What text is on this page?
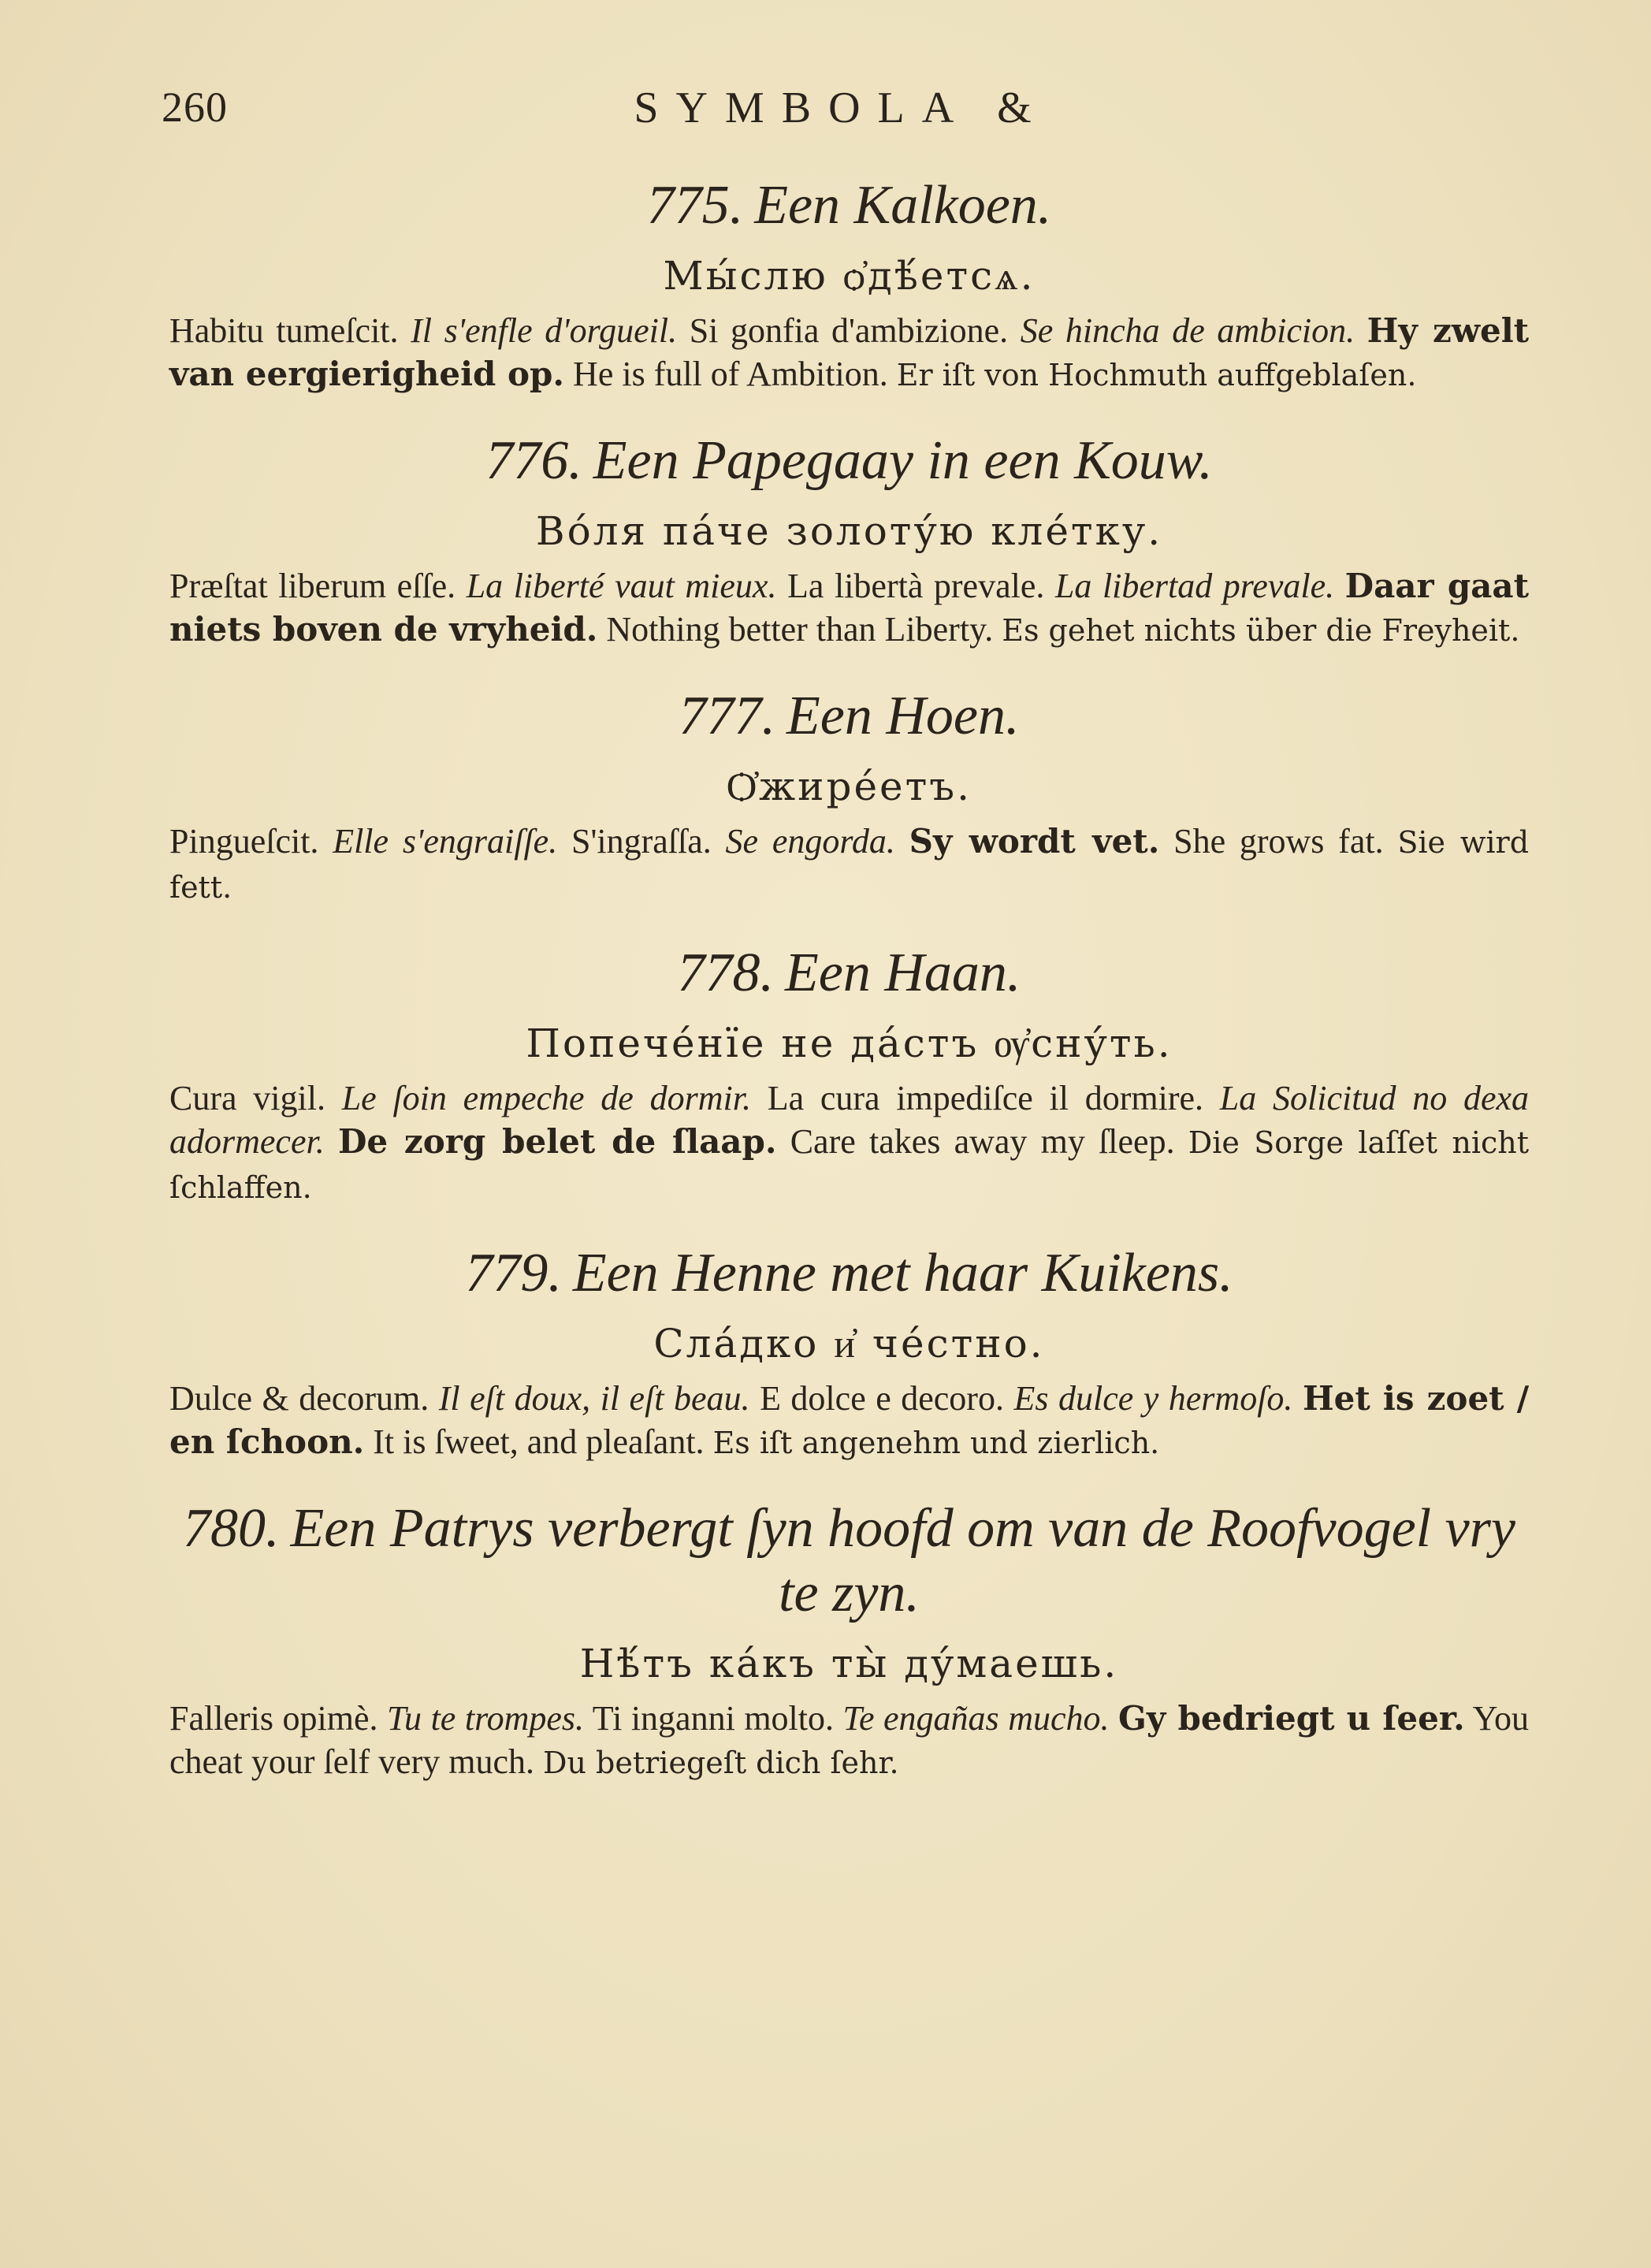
260	SYMBOLA &

775. Een Kalkoen.

Мы́слю ѻ҆дѣ́етсѧ.

Habitu tumeſcit. Il s'enfle d'orgueil. Si gonfia d'ambizione. Se hincha de ambicion. Hy zwelt van eergierigheid op. He is full of Ambition. Er iſt von Hochmuth auffgeblaſen.

776. Een Papegaay in een Kouw.

Во́ля па́че золоту́ю кле́тку.

Præſtat liberum eſſe. La liberté vaut mieux. La libertà prevale. La libertad prevale. Daar gaat niets boven de vryheid. Nothing better than Liberty. Es gehet nichts über die Freyheit.

777. Een Hoen.

Ѻ҆жире́етъ.

Pingueſcit. Elle s'engraiſſe. S'ingraſſa. Se engorda. Sy wordt vet. She grows fat. Sie wird fett.

778. Een Haan.

Попече́нїе не да́стъ ѹ҆сну́ть.

Cura vigil. Le ſoin empeche de dormir. La cura impediſce il dormire. La Solicitud no dexa adormecer. De zorg belet de ſlaap. Care takes away my ſleep. Die Sorge laſſet nicht ſchlaffen.

779. Een Henne met haar Kuikens.

Сла́дко и҆ че́стно.

Dulce & decorum. Il eſt doux, il eſt beau. E dolce e decoro. Es dulce y hermoſo. Het is zoet / en ſchoon. It is ſweet, and pleaſant. Es iſt angenehm und zierlich.

780. Een Patrys verbergt ſyn hoofd om van de Roofvogel vry te zyn.

Нѣ́тъ ка́къ ты̀ ду́маешь.

Falleris opimè. Tu te trompes. Ti inganni molto. Te engañas mucho. Gy bedriegt u ſeer. You cheat your ſelf very much. Du betriegeſt dich ſehr.
